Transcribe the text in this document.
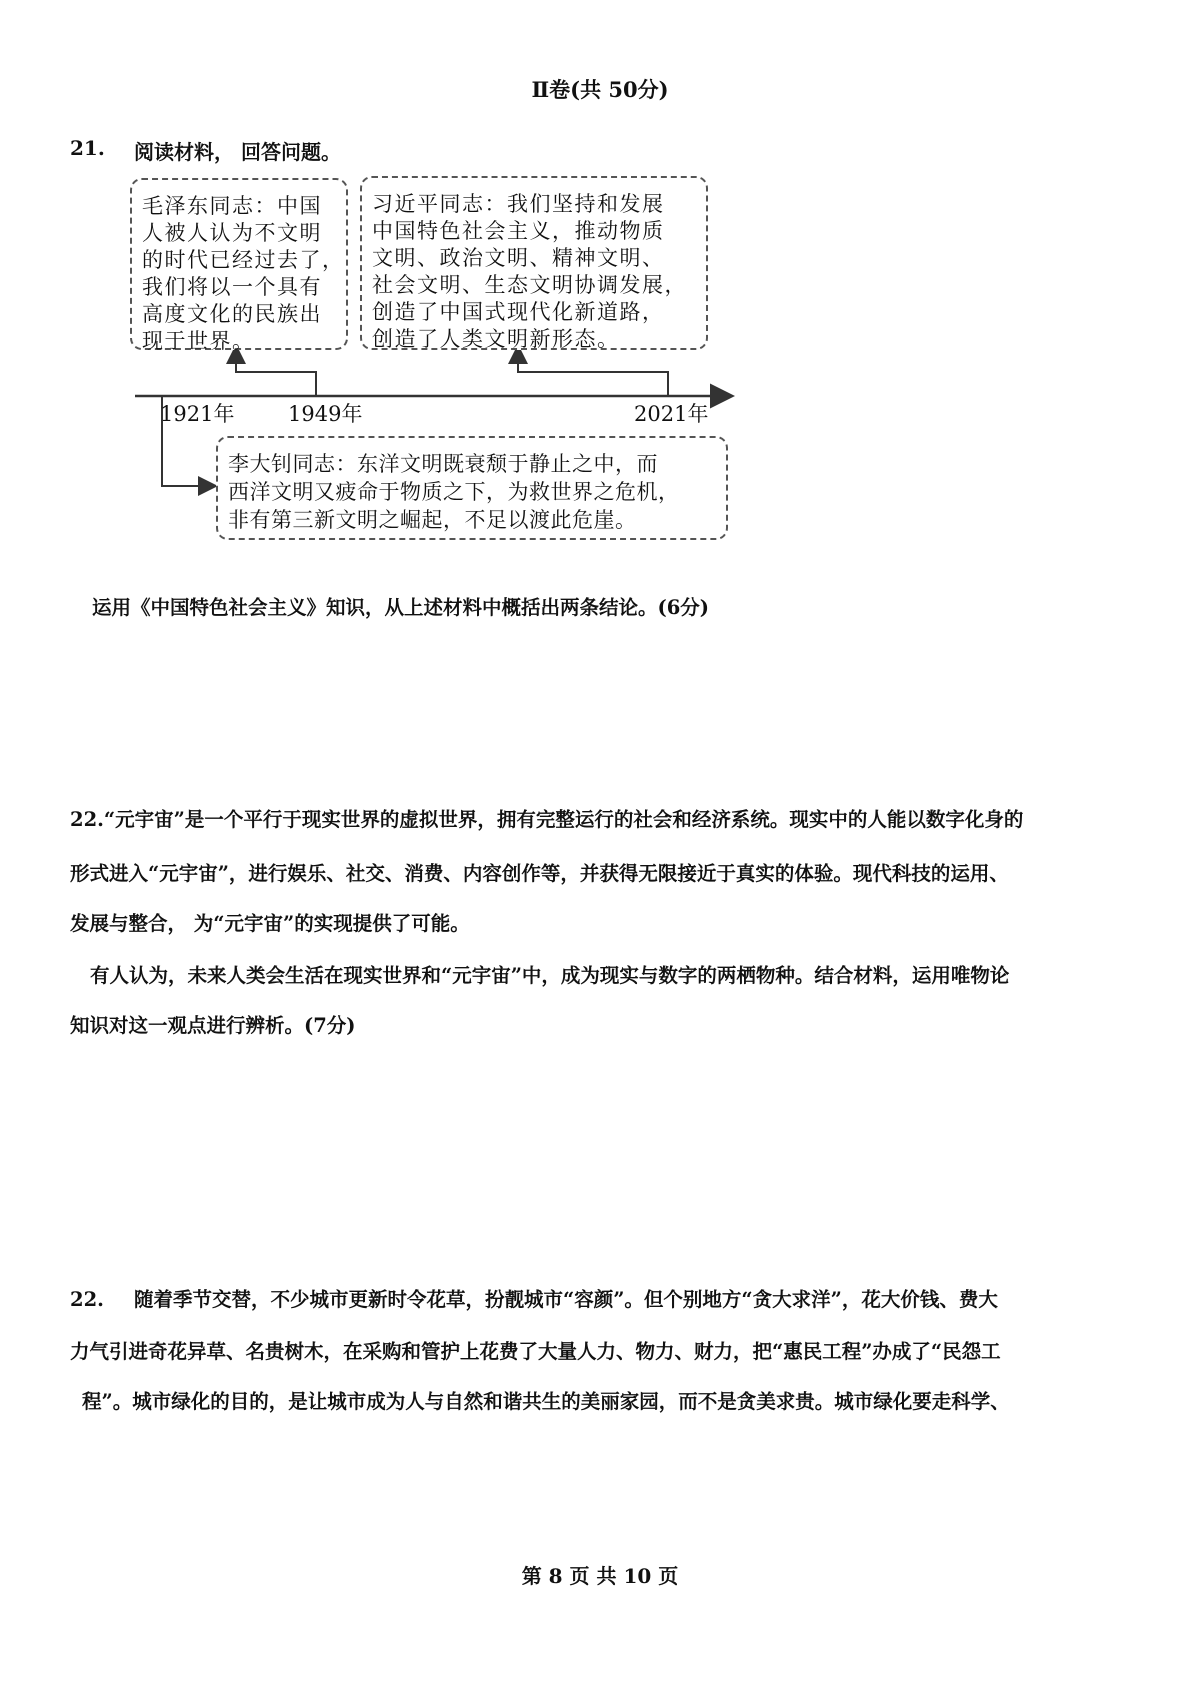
Ⅱ卷(共 50分)
21. 阅读材料， 回答问题。
毛泽东同志：中国
人被人认为不文明
的时代已经过去了，
我们将以一个具有
高度文化的民族出
现于世界。
习近平同志：我们坚持和发展
中国特色社会主义，推动物质
文明、政治文明、精神文明、
社会文明、生态文明协调发展，
创造了中国式现代化新道路，
创造了人类文明新形态。
1921年	1949年	2021年
李大钊同志：东洋文明既衰颓于静止之中，而
西洋文明又疲命于物质之下，为救世界之危机，
非有第三新文明之崛起，不足以渡此危崖。
运用《中国特色社会主义》知识，从上述材料中概括出两条结论。(6分)
22.“元宇宙”是一个平行于现实世界的虚拟世界，拥有完整运行的社会和经济系统。现实中的人能以数字化身的
形式进入“元宇宙”，进行娱乐、社交、消费、内容创作等，并获得无限接近于真实的体验。现代科技的运用、
发展与整合， 为“元宇宙”的实现提供了可能。
有人认为，未来人类会生活在现实世界和“元宇宙”中，成为现实与数字的两栖物种。结合材料，运用唯物论
知识对这一观点进行辨析。(7分)
22. 随着季节交替，不少城市更新时令花草，扮靓城市“容颜”。但个别地方“贪大求洋”，花大价钱、费大
力气引进奇花异草、名贵树木，在采购和管护上花费了大量人力、物力、财力，把“惠民工程”办成了“民怨工
程”。城市绿化的目的，是让城市成为人与自然和谐共生的美丽家园，而不是贪美求贵。城市绿化要走科学、
第 8 页 共 10 页
